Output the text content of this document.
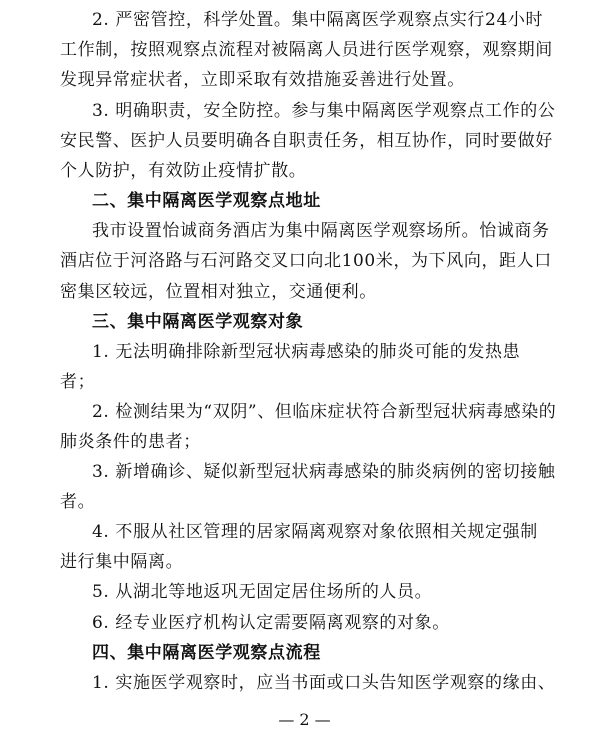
2. 严密管控，科学处置。集中隔离医学观察点实行24小时
工作制，按照观察点流程对被隔离人员进行医学观察，观察期间
发现异常症状者，立即采取有效措施妥善进行处置。
3. 明确职责，安全防控。参与集中隔离医学观察点工作的公
安民警、医护人员要明确各自职责任务，相互协作，同时要做好
个人防护，有效防止疫情扩散。
二、集中隔离医学观察点地址
我市设置怡诚商务酒店为集中隔离医学观察场所。怡诚商务
酒店位于河洛路与石河路交叉口向北100米，为下风向，距人口
密集区较远，位置相对独立，交通便利。
三、集中隔离医学观察对象
1. 无法明确排除新型冠状病毒感染的肺炎可能的发热患
者；
2. 检测结果为“双阴”、但临床症状符合新型冠状病毒感染的
肺炎条件的患者；
3. 新增确诊、疑似新型冠状病毒感染的肺炎病例的密切接触
者。
4. 不服从社区管理的居家隔离观察对象依照相关规定强制
进行集中隔离。
5. 从湖北等地返巩无固定居住场所的人员。
6. 经专业医疗机构认定需要隔离观察的对象。
四、集中隔离医学观察点流程
1. 实施医学观察时，应当书面或口头告知医学观察的缘由、
— 2 —
